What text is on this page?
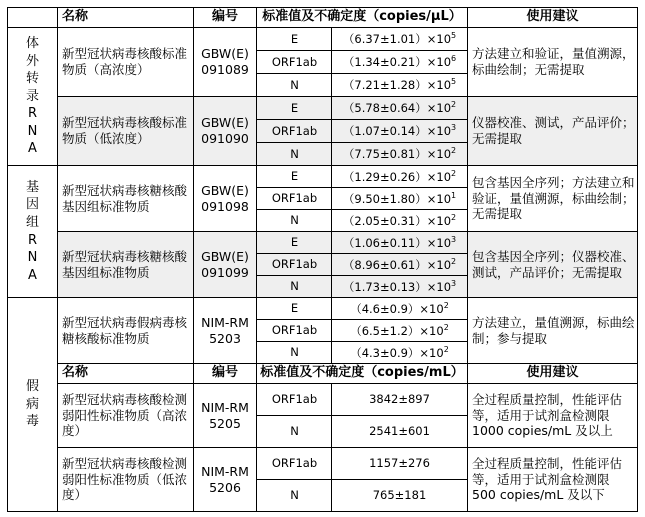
	名称	编号	标准值及不确定度（copies/μL）		使用建议
体外转录RNA	新型冠状病毒核酸标准物质（高浓度）	GBW(E) 091089	E	$(6.37\pm 1.01)\times 10^5$	方法建立和验证，量值溯源，标曲绘制；无需提取
			ORF1ab	$(1.34\pm 0.21)\times 10^6$
			N	$(7.21\pm 1.28)\times 10^5$
	新型冠状病毒核酸标准物质（低浓度）	GBW(E) 091090	E	$(5.78\pm 0.64)\times 10^2$	仪器校准、测试，产品评价；无需提取
			ORF1ab	$(1.07\pm 0.14)\times 10^3$
			N	$(7.75\pm 0.81)\times 10^2$
基因组RNA	新型冠状病毒核糖核酸基因组标准物质	GBW(E) 091098	E	$(1.29\pm 0.26)\times 10^2$	包含基因全序列；方法建立和验证，量值溯源，标曲绘制；无需提取
			ORF1ab	$(9.50\pm 1.80)\times 10^1$
			N	$(2.05\pm 0.31)\times 10^2$
	新型冠状病毒核糖核酸基因组标准物质	GBW(E) 091099	E	$(1.06\pm 0.11)\times 10^3$	包含基因全序列；仪器校准、测试，产品评价；无需提取
			ORF1ab	$(8.96\pm 0.61)\times 10^2$
			N	$(1.73\pm 0.13)\times 10^3$
假病毒	新型冠状病毒假病毒核糖核酸标准物质	NIM-RM 5203	E	$(4.6\pm 0.9)\times 10^2$	方法建立，量值溯源，标曲绘制；参与提取
			ORF1ab	$(6.5\pm 1.2)\times 10^2$
			N	$(4.3\pm 0.9)\times 10^2$
	名称	编号	标准值及不确定度（copies/mL）		使用建议
	新型冠状病毒核酸检测弱阳性标准物质（高浓度）	NIM-RM 5205	ORF1ab	3842±897	全过程质量控制，性能评估等，适用于试剂盒检测限 1000 copies/mL 及以上
			N	2541±601	
	新型冠状病毒核酸检测弱阳性标准物质（低浓度）	NIM-RM 5206	ORF1ab	1157±276	全过程质量控制，性能评估等，适用于试剂盒检测限 500 copies/mL 及以下
			N	765±181	
